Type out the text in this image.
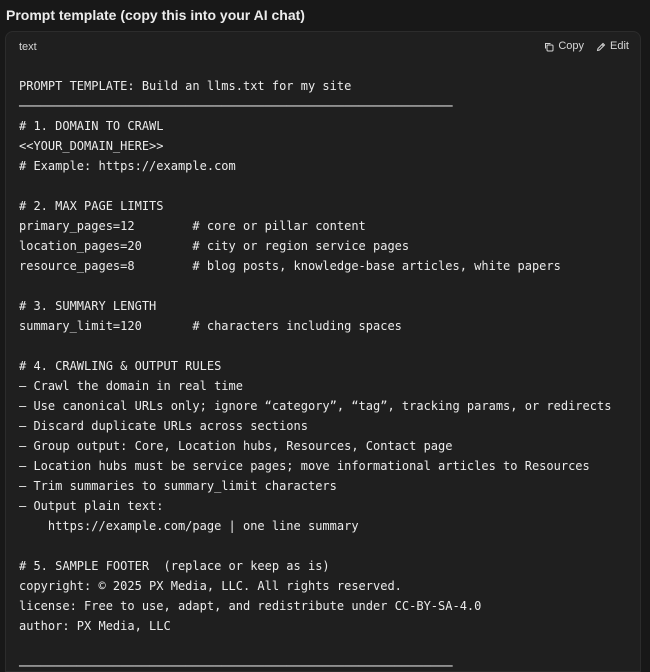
Prompt template (copy this into your AI chat)
text	Copy Edit
PROMPT TEMPLATE: Build an llms.txt for my site
────────────────────────────────────────────────────────────
# 1. DOMAIN TO CRAWL
<<YOUR_DOMAIN_HERE>>
# Example: https://example.com
# 2. MAX PAGE LIMITS
primary_pages=12        # core or pillar content
location_pages=20       # city or region service pages
resource_pages=8        # blog posts, knowledge-base articles, white papers
# 3. SUMMARY LENGTH
summary_limit=120       # characters including spaces
# 4. CRAWLING & OUTPUT RULES
— Crawl the domain in real time
— Use canonical URLs only; ignore “category”, “tag”, tracking params, or redirects
— Discard duplicate URLs across sections
— Group output: Core, Location hubs, Resources, Contact page
— Location hubs must be service pages; move informational articles to Resources
— Trim summaries to summary_limit characters
— Output plain text:
https://example.com/page | one line summary
# 5. SAMPLE FOOTER  (replace or keep as is)
copyright: © 2025 PX Media, LLC. All rights reserved.
license: Free to use, adapt, and redistribute under CC-BY-SA-4.0
author: PX Media, LLC
────────────────────────────────────────────────────────────
